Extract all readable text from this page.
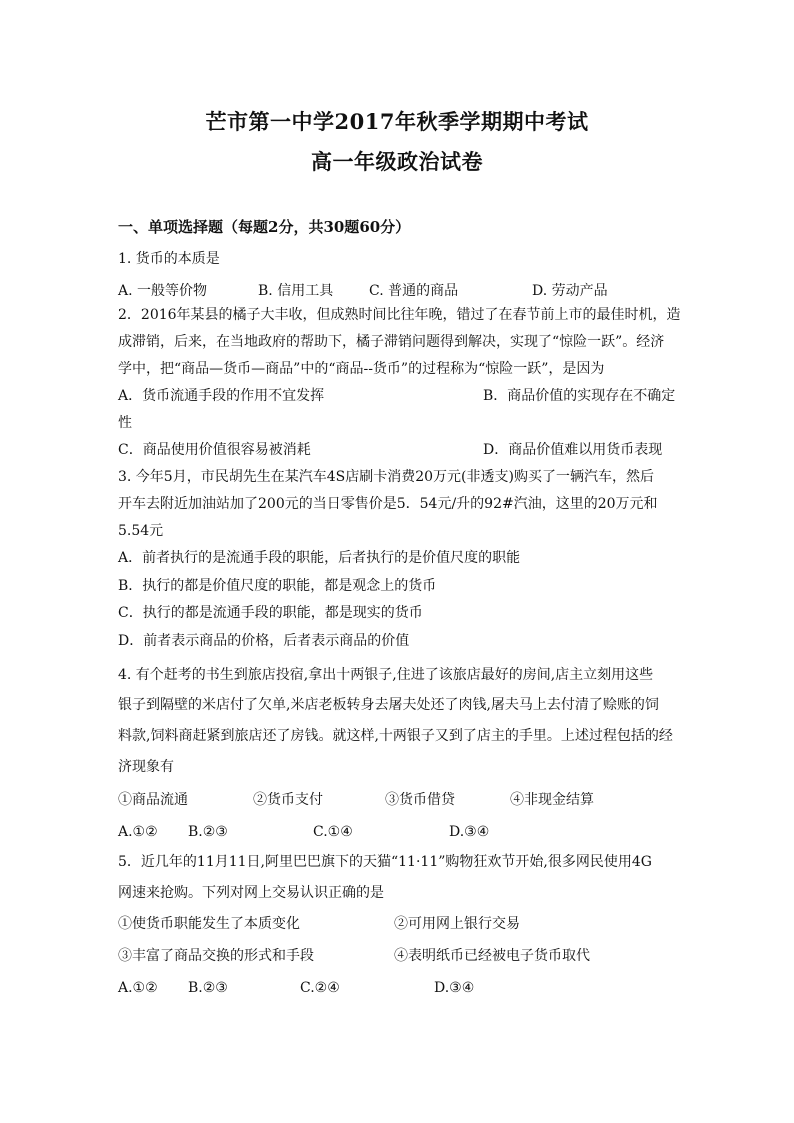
芒市第一中学2017年秋季学期期中考试
高一年级政治试卷
一、单项选择题（每题2分，共30题60分）
1. 货币的本质是
A. 一般等价物	B. 信用工具	C. 普通的商品	D. 劳动产品
2．2016年某县的橘子大丰收，但成熟时间比往年晚，错过了在春节前上市的最佳时机，造
成滞销，后来，在当地政府的帮助下，橘子滞销问题得到解决，实现了“惊险一跃”。经济
学中，把“商品—货币—商品”中的“商品--货币”的过程称为“惊险一跃”，是因为
A．货币流通手段的作用不宜发挥	B．商品价值的实现存在不确定
性
C．商品使用价值很容易被消耗	D．商品价值难以用货币表现
3. 今年5月，市民胡先生在某汽车4S店刷卡消费20万元(非透支)购买了一辆汽车，然后
开车去附近加油站加了200元的当日零售价是5．54元/升的92#汽油，这里的20万元和
5.54元
A．前者执行的是流通手段的职能，后者执行的是价值尺度的职能
B．执行的都是价值尺度的职能，都是观念上的货币
C．执行的都是流通手段的职能，都是现实的货币
D．前者表示商品的价格，后者表示商品的价值
4. 有个赶考的书生到旅店投宿,拿出十两银子,住进了该旅店最好的房间,店主立刻用这些
银子到隔壁的米店付了欠单,米店老板转身去屠夫处还了肉钱,屠夫马上去付清了赊账的饲
料款,饲料商赶紧到旅店还了房钱。就这样,十两银子又到了店主的手里。上述过程包括的经
济现象有
①商品流通	②货币支付	③货币借贷	④非现金结算
A.①② B.②③	C.①④	D.③④
5．近几年的11月11日,阿里巴巴旗下的天猫“11·11”购物狂欢节开始,很多网民使用4G
网速来抢购。下列对网上交易认识正确的是
①使货币职能发生了本质变化	②可用网上银行交易
③丰富了商品交换的形式和手段	④表明纸币已经被电子货币取代
A.①② B.②③	C.②④	D.③④
